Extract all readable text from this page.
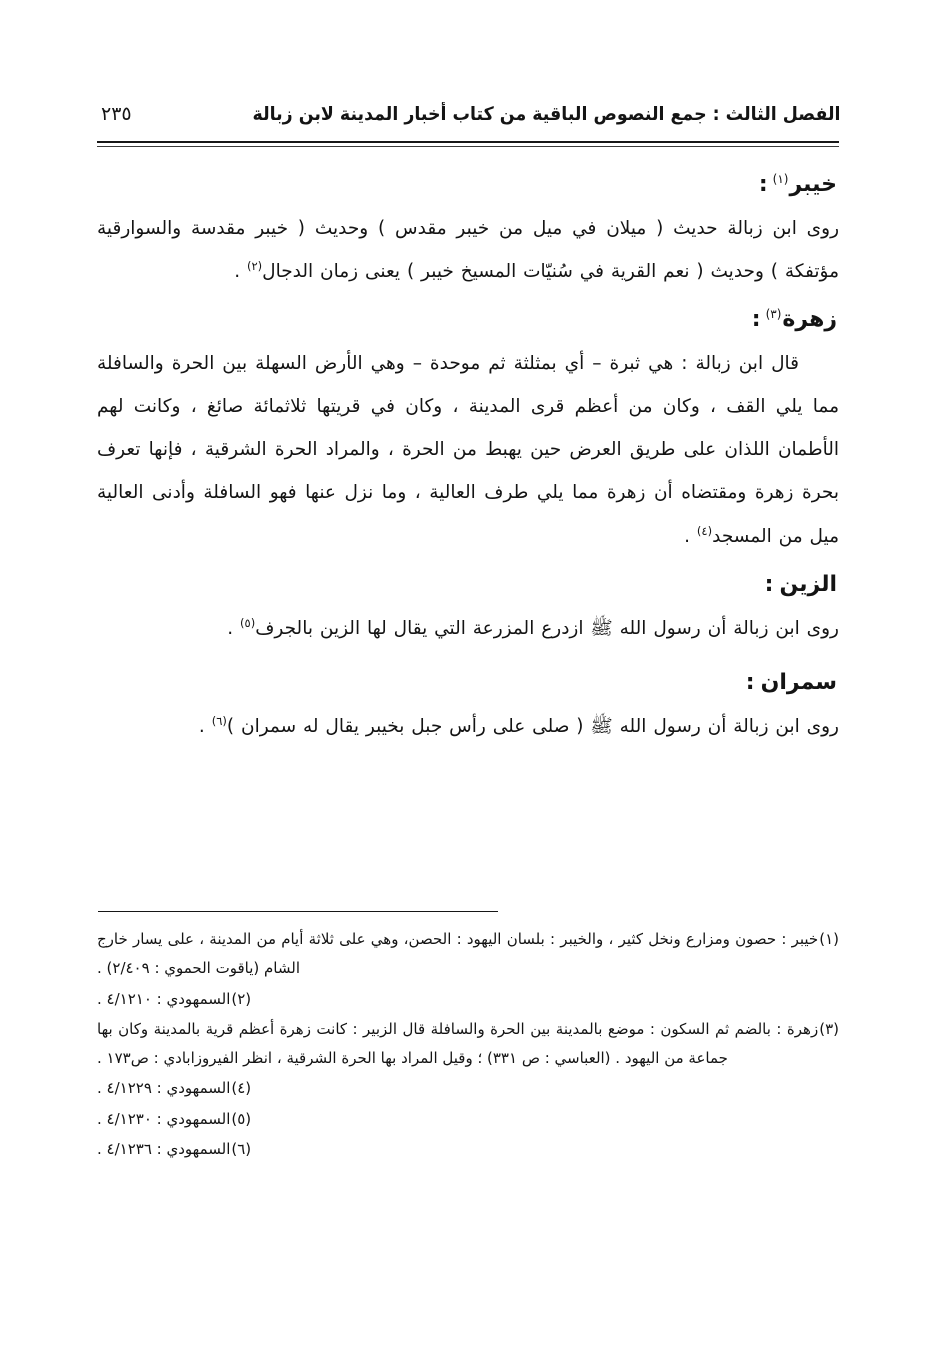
الفصل الثالث : جمع النصوص الباقية من كتاب أخبار المدينة لابن زبالة
٢٣٥
خيبر$^{(١)}$:

روى ابن زبالة حديث ( ميلان في ميل من خيبر مقدس ) وحديث ( خيبر مقدسة والسوارقية مؤتفكة ) وحديث ( نعم القرية في سُنيّات المسيخ خيبر ) يعنى زمان الدجال$^{(٢)}$ .

زهرة$^{(٣)}$:

قال ابن زبالة : هي ثبرة – أي بمثلثة ثم موحدة – وهي الأرض السهلة بين الحرة والسافلة مما يلي القف ، وكان من أعظم قرى المدينة ، وكان في قريتها ثلاثمائة صائغ ، وكانت لهم الأطمان اللذان على طريق العرض حين يهبط من الحرة ، والمراد الحرة الشرقية ، فإنها تعرف بحرة زهرة ومقتضاه أن زهرة مما يلي طرف العالية ، وما نزل عنها فهو السافلة وأدنى العالية ميل من المسجد$^{(٤)}$ .

الزين:

روى ابن زبالة أن رسول الله ﷺ ازدرع المزرعة التي يقال لها الزين بالجرف$^{(٥)}$ .

سمران:

روى ابن زبالة أن رسول الله ﷺ ( صلى على رأس جبل بخيبر يقال له سمران )$^{(٦)}$ .

(١)خيبر : حصون ومزارع ونخل كثير ، والخيبر : بلسان اليهود : الحصن، وهي على ثلاثة أيام من المدينة ، على يسار خارج الشام (ياقوت الحموي : ٢/٤٠٩) .

(٢)السمهودي : ٤/١٢١٠ .

(٣)زهرة : بالضم ثم السكون : موضع بالمدينة بين الحرة والسافلة قال الزبير : كانت زهرة أعظم قرية بالمدينة وكان بها جماعة من اليهود . (العباسي : ص ٣٣١) ؛ وقيل المراد بها الحرة الشرقية ، انظر الفيروزابادي : ص١٧٣ .

(٤)السمهودي : ٤/١٢٢٩ .

(٥)السمهودي : ٤/١٢٣٠ .

(٦)السمهودي : ٤/١٢٣٦ .
